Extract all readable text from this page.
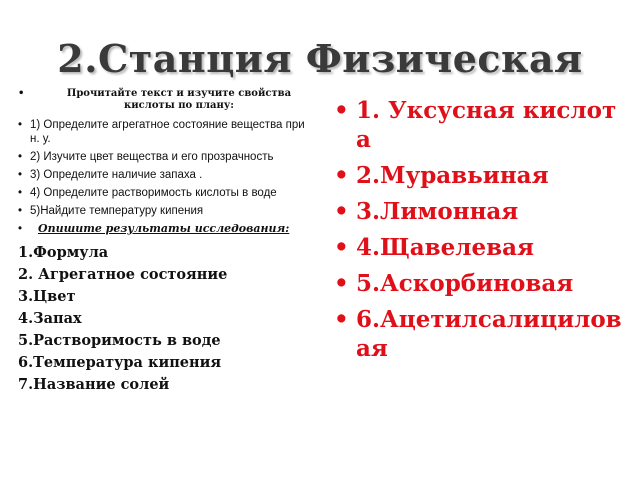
2.Станция Физическая
• Прочитайте текст и изучите свойства кислоты по плану:
• 1) Определите агрегатное состояние вещества при н. у.
• 2) Изучите цвет вещества и его прозрачность
• 3) Определите наличие запаха .
• 4) Определите растворимость кислоты в воде
• 5)Найдите температуру кипения
• Опишите результаты исследования:
1.Формула
2. Агрегатное состояние
3.Цвет
4.Запах
5.Растворимость в воде
6.Температура кипения
7.Название солей
• 1. Уксусная кислота
• 2.Муравьиная
• 3.Лимонная
• 4.Щавелевая
• 5.Аскорбиновая
• 6.Ацетилсалициловая
